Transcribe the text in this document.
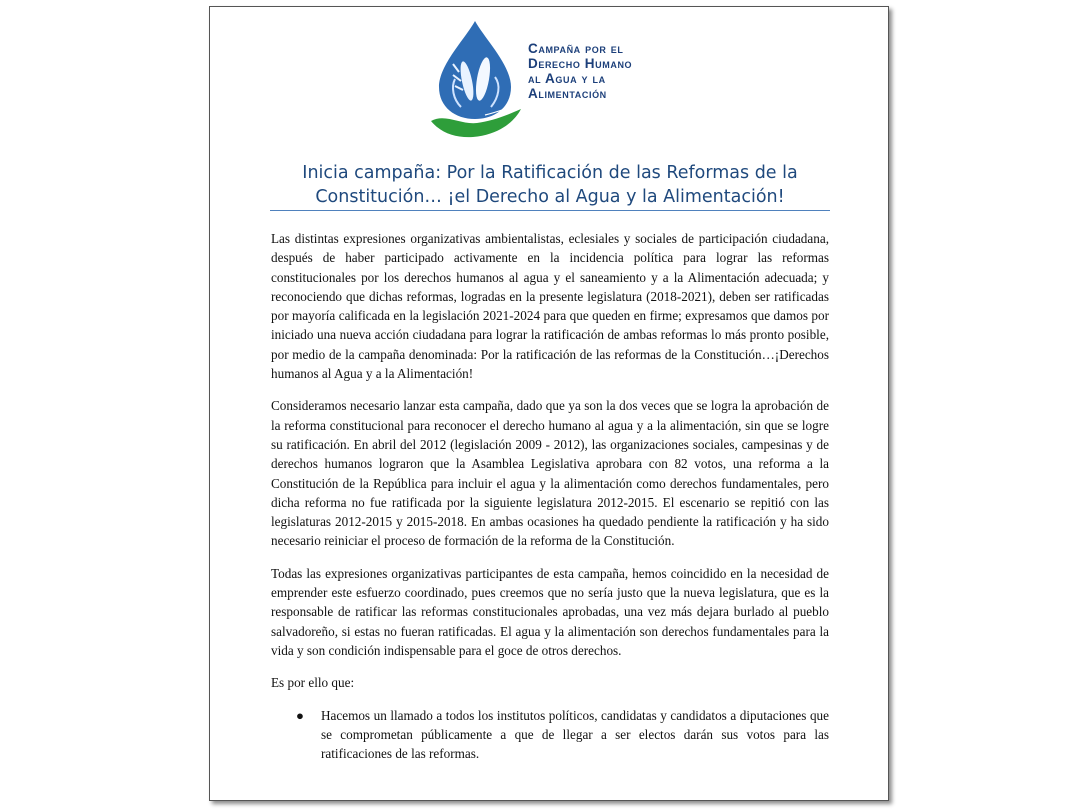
Campaña por el
Derecho Humano
al Agua y la
Alimentación
Inicia campaña: Por la Ratificación de las Reformas de la
Constitución… ¡el Derecho al Agua y la Alimentación!

Las distintas expresiones organizativas ambientalistas, eclesiales y sociales de participación ciudadana, después de haber participado activamente en la incidencia política para lograr las reformas constitucionales por los derechos humanos al agua y el saneamiento y a la Alimentación adecuada; y reconociendo que dichas reformas, logradas en la presente legislatura (2018-2021), deben ser ratificadas por mayoría calificada en la legislación 2021-2024 para que queden en firme; expresamos que damos por iniciado una nueva acción ciudadana para lograr la ratificación de ambas reformas lo más pronto posible, por medio de la campaña denominada: Por la ratificación de las reformas de la Constitución…¡Derechos humanos al Agua y a la Alimentación!

Consideramos necesario lanzar esta campaña, dado que ya son la dos veces que se logra la aprobación de la reforma constitucional para reconocer el derecho humano al agua y a la alimentación, sin que se logre su ratificación. En abril del 2012 (legislación 2009 - 2012), las organizaciones sociales, campesinas y de derechos humanos lograron que la Asamblea Legislativa aprobara con 82 votos, una reforma a la Constitución de la República para incluir el agua y la alimentación como derechos fundamentales, pero dicha reforma no fue ratificada por la siguiente legislatura 2012-2015. El escenario se repitió con las legislaturas 2012-2015 y 2015-2018. En ambas ocasiones ha quedado pendiente la ratificación y ha sido necesario reiniciar el proceso de formación de la reforma de la Constitución.

Todas las expresiones organizativas participantes de esta campaña, hemos coincidido en la necesidad de emprender este esfuerzo coordinado, pues creemos que no sería justo que la nueva legislatura, que es la responsable de ratificar las reformas constitucionales aprobadas, una vez más dejara burlado al pueblo salvadoreño, si estas no fueran ratificadas. El agua y la alimentación son derechos fundamentales para la vida y son condición indispensable para el goce de otros derechos.

Es por ello que:

● Hacemos un llamado a todos los institutos políticos, candidatas y candidatos a diputaciones que se comprometan públicamente a que de llegar a ser electos darán sus votos para las ratificaciones de las reformas.
